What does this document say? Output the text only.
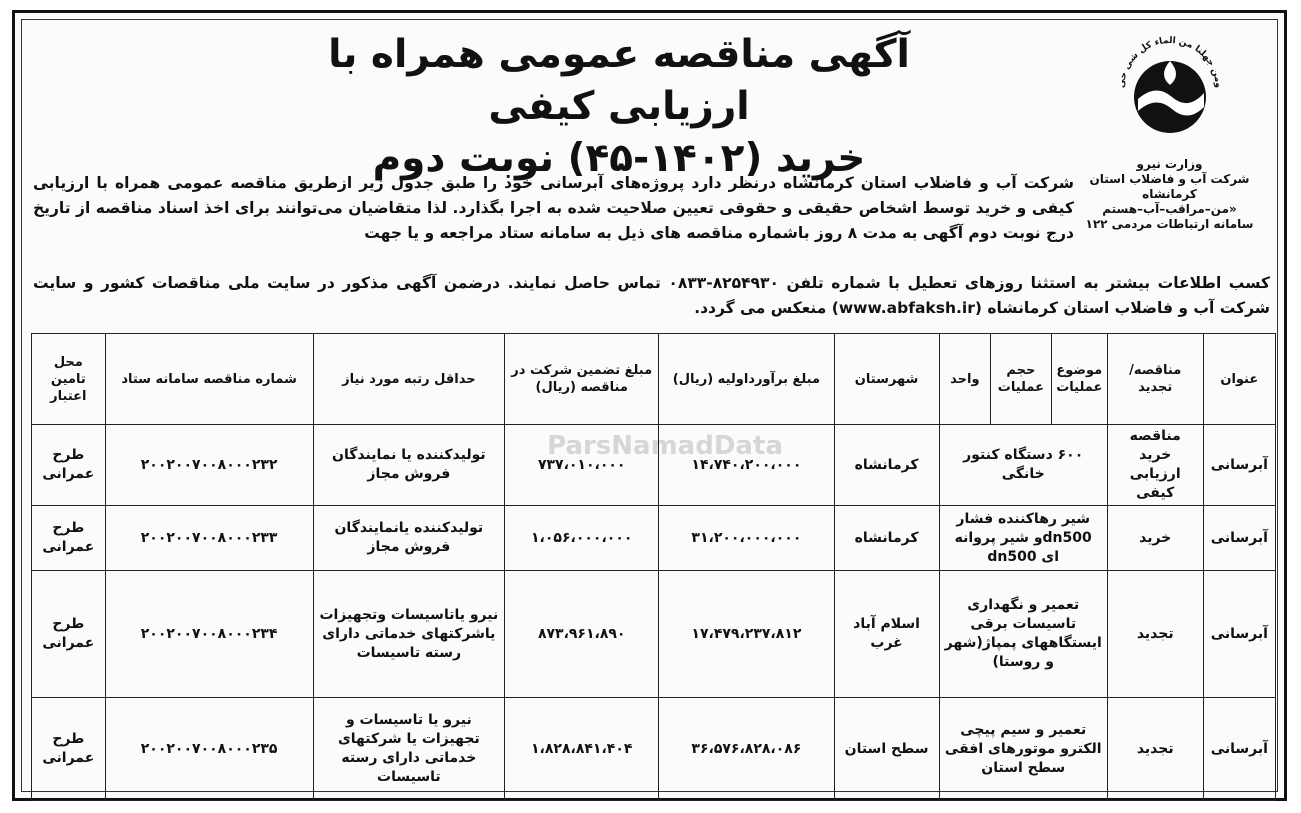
ومن جهلنا من الماء کل شی حی
وزارت نیرو
شرکت آب و فاضلاب استان کرمانشاه
«من–مراقب–آب–هستم
سامانه ارتباطات مردمی ۱۲۲
آگهی مناقصه عمومی همراه با ارزیابی کیفی
خرید (۱۴۰۲-۴۵) نوبت دوم
شرکت آب و فاضلاب استان کرمانشاه درنظر دارد پروژه‌های آبرسانی خود را طبق جدول زیر ازطریق مناقصه عمومی همراه با ارزیابی کیفی و خرید توسط اشخاص حقیقی و حقوقی تعیین صلاحیت شده به اجرا بگذارد. لذا متقاضیان می‌توانند برای اخذ اسناد مناقصه از تاریخ درج نوبت دوم آگهی به مدت ۸ روز باشماره مناقصه های ذیل به سامانه ستاد مراجعه و یا جهت
کسب اطلاعات بیشتر به استثنا روزهای تعطیل با شماره تلفن ۸۲۵۴۹۳۰-۰۸۳۳ تماس حاصل نمایند. درضمن آگهی مذکور در سایت ملی مناقصات کشور و سایت شرکت آب و فاضلاب استان کرمانشاه (www.abfaksh.ir) منعکس می گردد.
ParsNamadData
عنوان	مناقصه/ تجدید	موضوع عملیات	حجم عملیات	واحد	شهرستان	مبلغ برآورداولیه (ریال)	مبلغ تضمین شرکت در مناقصه (ریال)	حداقل رتبه مورد نیاز	شماره مناقصه سامانه ستاد	محل تامین اعتبار
آبرسانی	مناقصه خرید ارزیابی کیفی	۶۰۰ دستگاه کنتور خانگی			کرمانشاه	۱۴،۷۴۰،۲۰۰،۰۰۰	۷۳۷،۰۱۰،۰۰۰	تولیدکننده یا نمایندگان فروش مجاز	۲۰۰۲۰۰۷۰۰۸۰۰۰۲۳۲	طرح عمرانی
آبرسانی	خرید	شیر رهاکننده فشار dn500و شیر پروانه ای dn500			کرمانشاه	۳۱،۲۰۰،۰۰۰،۰۰۰	۱،۰۵۶،۰۰۰،۰۰۰	تولیدکننده یانمایندگان فروش مجاز	۲۰۰۲۰۰۷۰۰۸۰۰۰۲۳۳	طرح عمرانی
آبرسانی	تجدید	تعمیر و نگهداری تاسیسات برقی ایستگاههای پمپاژ(شهر و روستا)			اسلام آباد غرب	۱۷،۴۷۹،۲۳۷،۸۱۲	۸۷۳،۹۶۱،۸۹۰	نیرو یاتاسیسات وتجهیزات یاشرکتهای خدماتی دارای رسته تاسیسات	۲۰۰۲۰۰۷۰۰۸۰۰۰۲۳۴	طرح عمرانی
آبرسانی	تجدید	تعمیر و سیم پیچی الکترو موتورهای افقی سطح استان			سطح استان	۳۶،۵۷۶،۸۲۸،۰۸۶	۱،۸۲۸،۸۴۱،۴۰۴	نیرو یا تاسیسات و تجهیزات یا شرکتهای خدماتی دارای رسته تاسیسات	۲۰۰۲۰۰۷۰۰۸۰۰۰۲۳۵	طرح عمرانی
